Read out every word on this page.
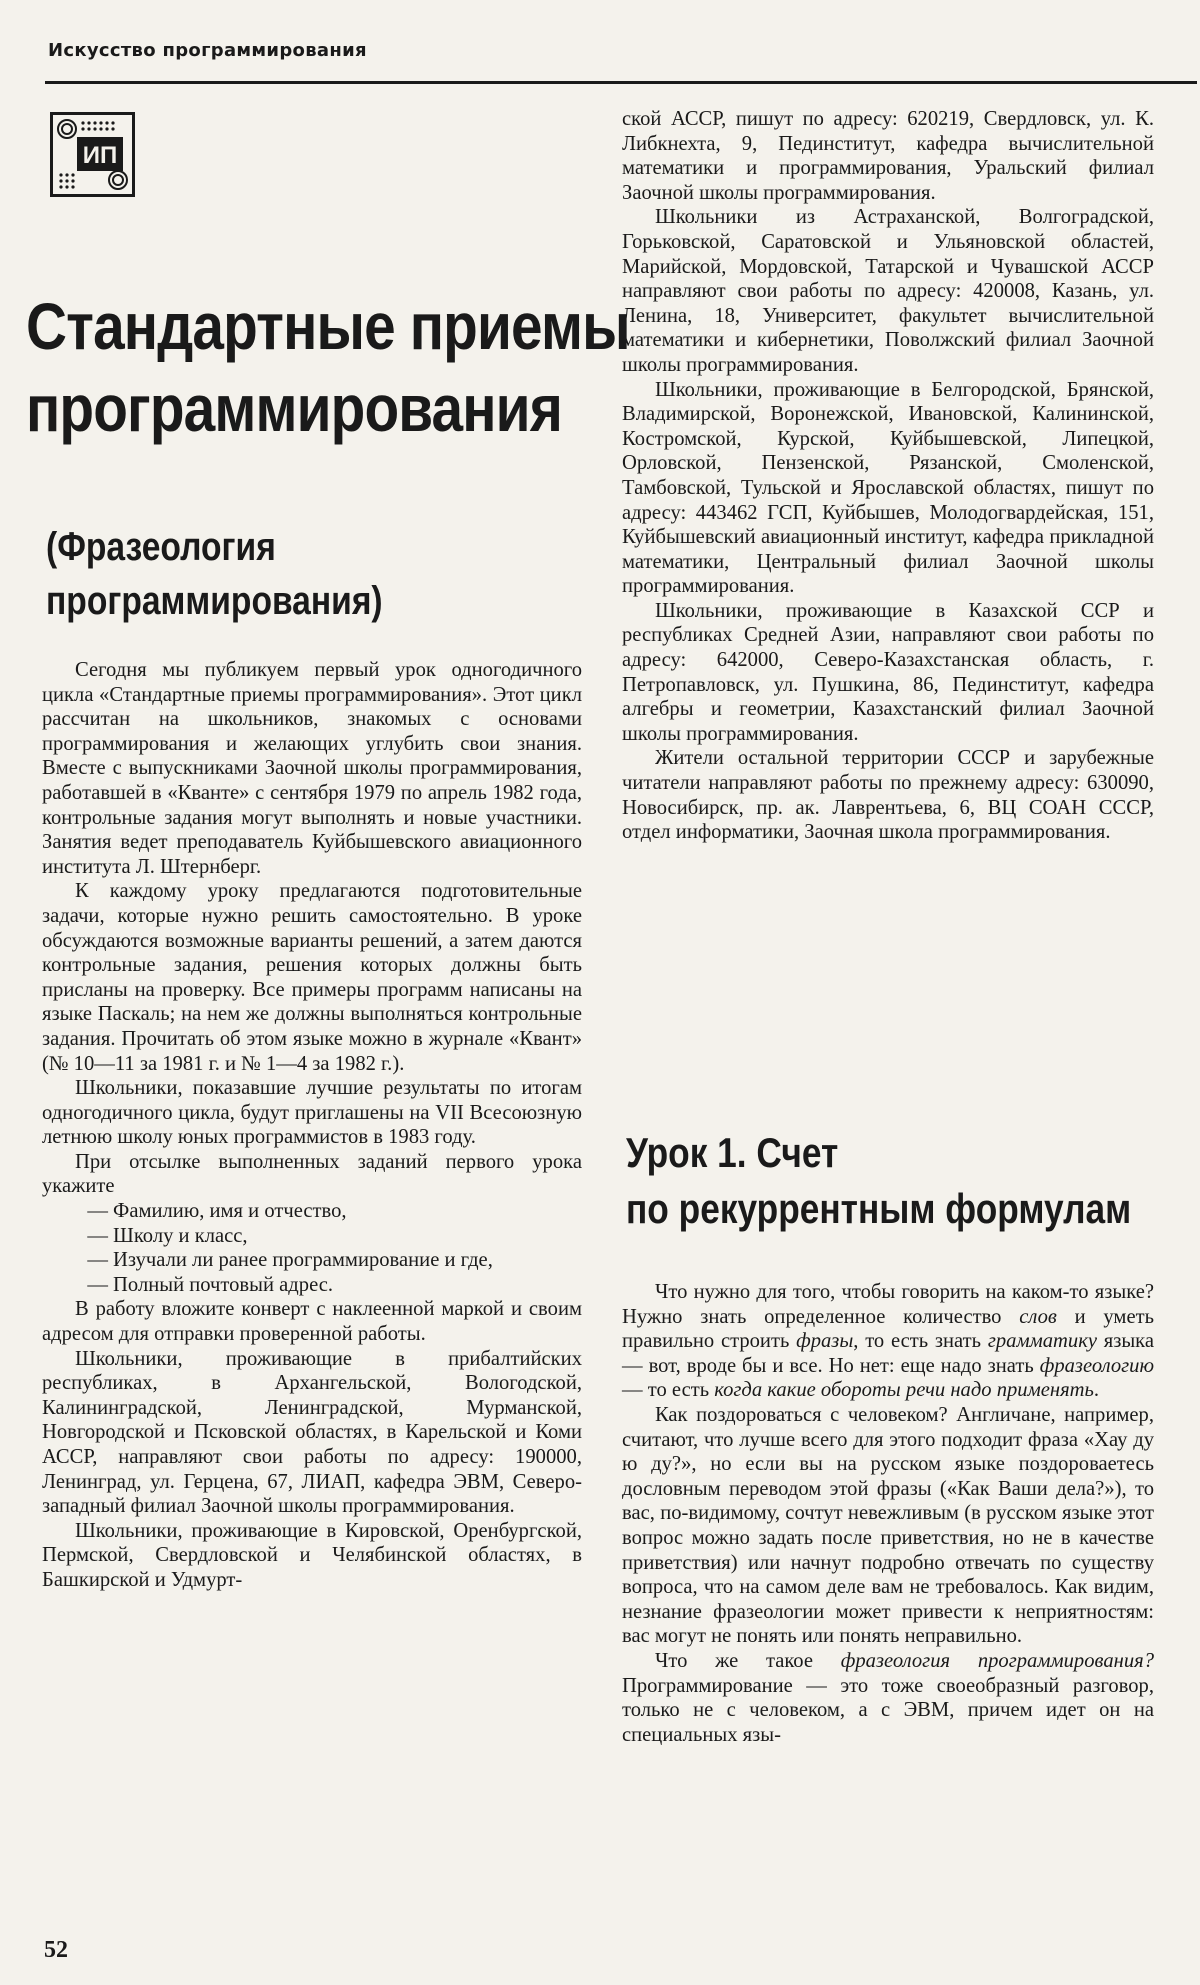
Искусство программирования
ИП
Стандартные приемы
программирования
(Фразеология
программирования)

Сегодня мы публикуем первый урок одногодичного цикла «Стандартные приемы программирования». Этот цикл рассчитан на школьников, знакомых с основами программирования и желающих углубить свои знания. Вместе с выпускниками Заочной школы программирования, работавшей в «Кванте» с сентября 1979 по апрель 1982 года, контрольные задания могут выполнять и новые участники. Занятия ведет преподаватель Куйбышевского авиационного института Л. Штернберг.

К каждому уроку предлагаются подготовительные задачи, которые нужно решить самостоятельно. В уроке обсуждаются возможные варианты решений, а затем даются контрольные задания, решения которых должны быть присланы на проверку. Все примеры программ написаны на языке Паскаль; на нем же должны выполняться контрольные задания. Прочитать об этом языке можно в журнале «Квант» (№ 10—11 за 1981 г. и № 1—4 за 1982 г.).

Школьники, показавшие лучшие результаты по итогам одногодичного цикла, будут приглашены на VII Всесоюзную летнюю школу юных программистов в 1983 году.

При отсылке выполненных заданий первого урока укажите

— Фамилию, имя и отчество,

— Школу и класс,

— Изучали ли ранее программирование и где,

— Полный почтовый адрес.

В работу вложите конверт с наклеенной маркой и своим адресом для отправки проверенной работы.

Школьники, проживающие в прибалтийских республиках, в Архангельской, Вологодской, Калининградской, Ленинградской, Мурманской, Новгородской и Псковской областях, в Карельской и Коми АССР, направляют свои работы по адресу: 190000, Ленинград, ул. Герцена, 67, ЛИАП, кафедра ЭВМ, Северо-западный филиал Заочной школы программирования.

Школьники, проживающие в Кировской, Оренбургской, Пермской, Свердловской и Челябинской областях, в Башкирской и Удмурт-

ской АССР, пишут по адресу: 620219, Свердловск, ул. К. Либкнехта, 9, Пединститут, кафедра вычислительной математики и программирования, Уральский филиал Заочной школы программирования.

Школьники из Астраханской, Волгоградской, Горьковской, Саратовской и Ульяновской областей, Марийской, Мордовской, Татарской и Чувашской АССР направляют свои работы по адресу: 420008, Казань, ул. Ленина, 18, Университет, факультет вычислительной математики и кибернетики, Поволжский филиал Заочной школы программирования.

Школьники, проживающие в Белгородской, Брянской, Владимирской, Воронежской, Ивановской, Калининской, Костромской, Курской, Куйбышевской, Липецкой, Орловской, Пензенской, Рязанской, Смоленской, Тамбовской, Тульской и Ярославской областях, пишут по адресу: 443462 ГСП, Куйбышев, Молодогвардейская, 151, Куйбышевский авиационный институт, кафедра прикладной математики, Центральный филиал Заочной школы программирования.

Школьники, проживающие в Казахской ССР и республиках Средней Азии, направляют свои работы по адресу: 642000, Северо-Казахстанская область, г. Петропавловск, ул. Пушкина, 86, Пединститут, кафедра алгебры и геометрии, Казахстанский филиал Заочной школы программирования.

Жители остальной территории СССР и зарубежные читатели направляют работы по прежнему адресу: 630090, Новосибирск, пр. ак. Лаврентьева, 6, ВЦ СОАН СССР, отдел информатики, Заочная школа программирования.

Урок 1. Счет
по рекуррентным формулам

Что нужно для того, чтобы говорить на каком-то языке? Нужно знать определенное количество слов и уметь правильно строить фразы, то есть знать грамматику языка — вот, вроде бы и все. Но нет: еще надо знать фразеологию — то есть когда какие обороты речи надо применять.

Как поздороваться с человеком? Англичане, например, считают, что лучше всего для этого подходит фраза «Хау ду ю ду?», но если вы на русском языке поздороваетесь дословным переводом этой фразы («Как Ваши дела?»), то вас, по-видимому, сочтут невежливым (в русском языке этот вопрос можно задать после приветствия, но не в качестве приветствия) или начнут подробно отвечать по существу вопроса, что на самом деле вам не требовалось. Как видим, незнание фразеологии может привести к неприятностям: вас могут не понять или понять неправильно.

Что же такое фразеология программирования? Программирование — это тоже своеобразный разговор, только не с человеком, а с ЭВМ, причем идет он на специальных язы-

52
